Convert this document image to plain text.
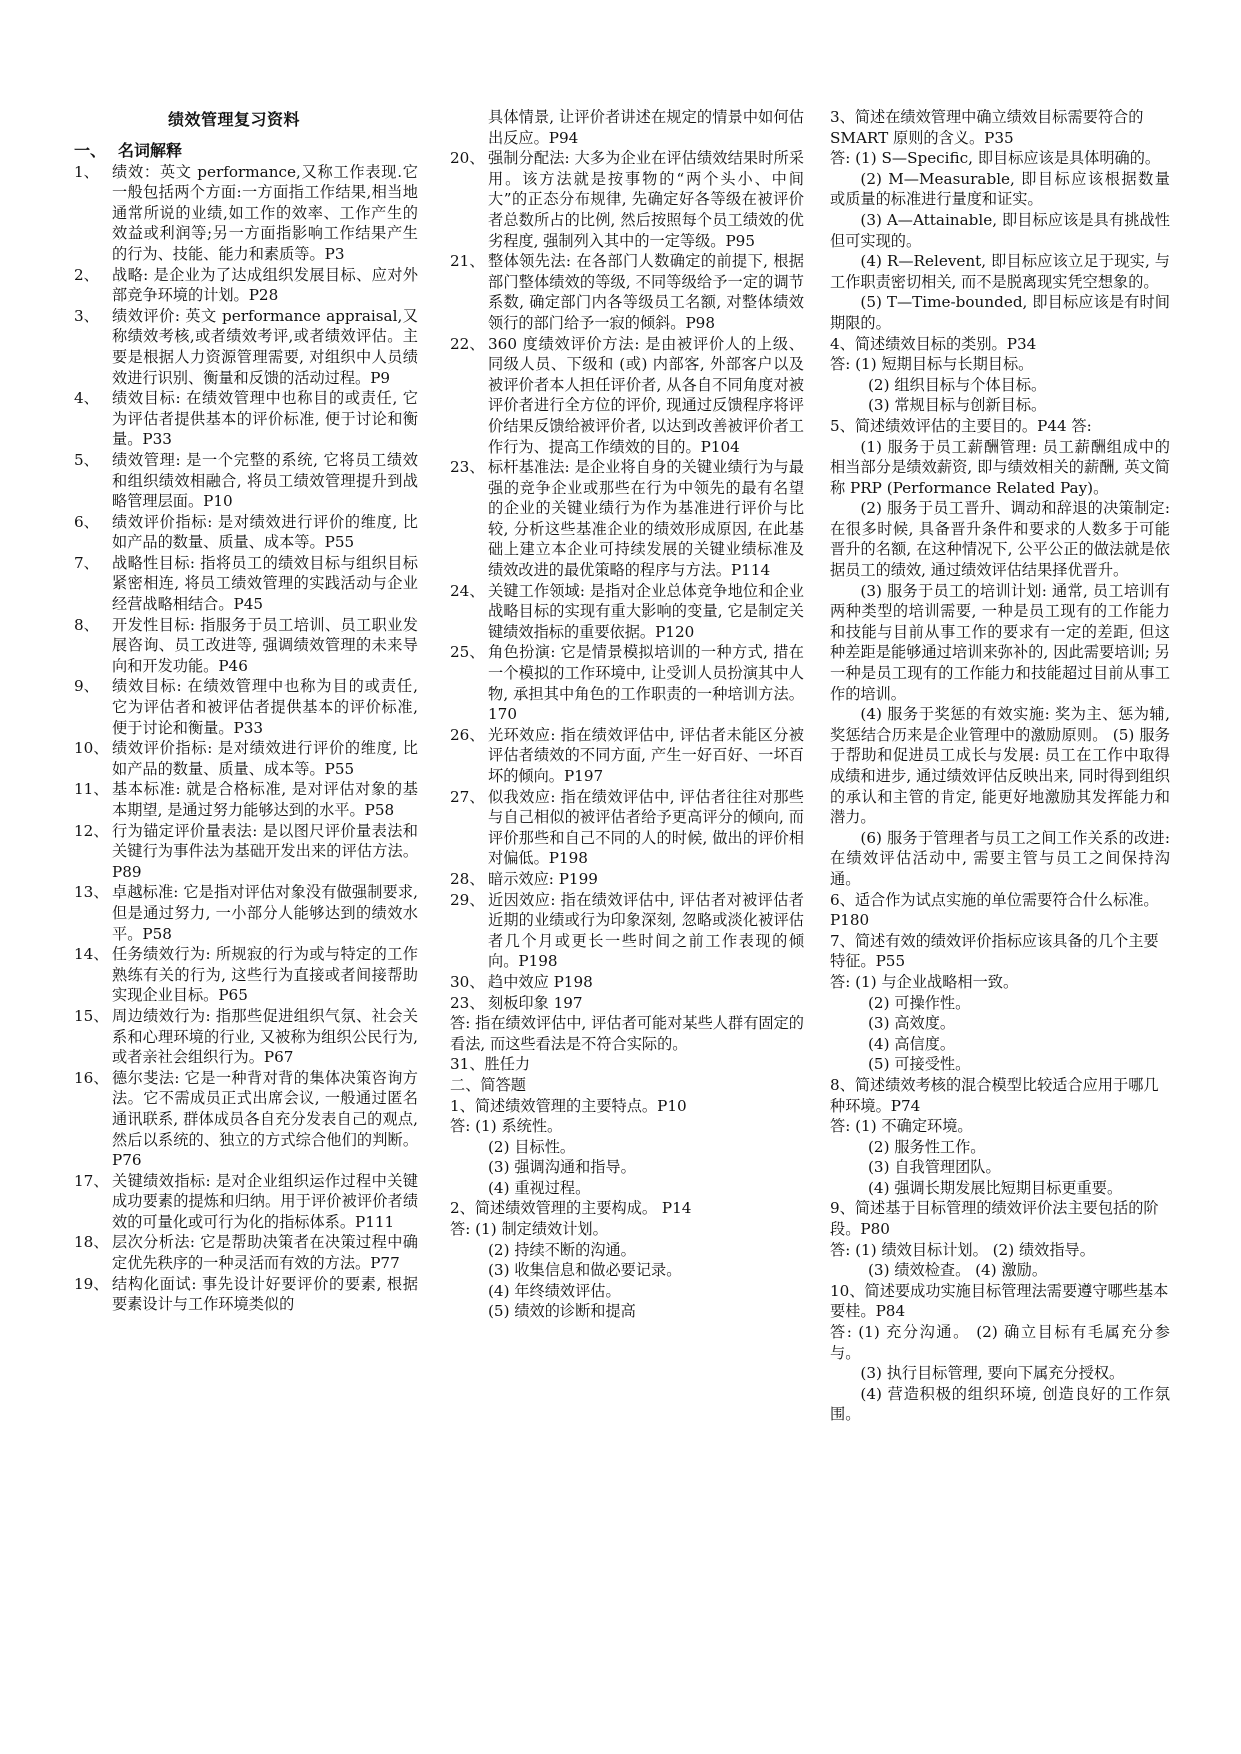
绩效管理复习资料
一、 名词解释
1、 绩效：英文 performance,又称工作表现.它一般包括两个方面:一方面指工作结果,相当地通常所说的业绩,如工作的效率、工作产生的效益或利润等;另一方面指影响工作结果产生的行为、技能、能力和素质等。P3
2、 战略: 是企业为了达成组织发展目标、应对外部竞争环境的计划。P28
3、 绩效评价: 英文 performance appraisal,又称绩效考核,或者绩效考评,或者绩效评估。主要是根据人力资源管理需要, 对组织中人员绩效进行识别、衡量和反馈的活动过程。P9
4、 绩效目标: 在绩效管理中也称目的或责任, 它为评估者提供基本的评价标准, 便于讨论和衡量。P33
5、 绩效管理: 是一个完整的系统, 它将员工绩效和组织绩效相融合, 将员工绩效管理提升到战略管理层面。P10
6、 绩效评价指标: 是对绩效进行评价的维度, 比如产品的数量、质量、成本等。P55
7、 战略性目标: 指将员工的绩效目标与组织目标紧密相连, 将员工绩效管理的实践活动与企业经营战略相结合。P45
8、 开发性目标: 指服务于员工培训、员工职业发展咨询、员工改进等, 强调绩效管理的未来导向和开发功能。P46
9、 绩效目标: 在绩效管理中也称为目的或责任, 它为评估者和被评估者提供基本的评价标准, 便于讨论和衡量。P33
10、 绩效评价指标: 是对绩效进行评价的维度, 比如产品的数量、质量、成本等。P55
11、 基本标准: 就是合格标准, 是对评估对象的基本期望, 是通过努力能够达到的水平。P58
12、 行为锚定评价量表法: 是以图尺评价量表法和关键行为事件法为基础开发出来的评估方法。P89
13、 卓越标准: 它是指对评估对象没有做强制要求, 但是通过努力, 一小部分人能够达到的绩效水平。P58
14、 任务绩效行为: 所规寂的行为或与特定的工作熟练有关的行为, 这些行为直接或者间接帮助实现企业目标。P65
15、 周边绩效行为: 指那些促进组织气氛、社会关系和心理环境的行业, 又被称为组织公民行为, 或者亲社会组织行为。P67
16、 德尔斐法: 它是一种背对背的集体决策咨询方法。它不需成员正式出席会议, 一般通过匿名通讯联系, 群体成员各自充分发表自己的观点, 然后以系统的、独立的方式综合他们的判断。P76
17、 关键绩效指标: 是对企业组织运作过程中关键成功要素的提炼和归纳。用于评价被评价者绩效的可量化或可行为化的指标体系。P111
18、 层次分析法: 它是帮助决策者在决策过程中确定优先秩序的一种灵活而有效的方法。P77
19、 结构化面试: 事先设计好要评价的要素, 根据要素设计与工作环境类似的
具体情景, 让评价者讲述在规定的情景中如何估出反应。P94
20、 强制分配法: 大多为企业在评估绩效结果时所采用。该方法就是按事物的“两个头小、中间大”的正态分布规律, 先确定好各等级在被评价者总数所占的比例, 然后按照每个员工绩效的优劣程度, 强制列入其中的一定等级。P95
21、 整体领先法: 在各部门人数确定的前提下, 根据部门整体绩效的等级, 不同等级给予一定的调节系数, 确定部门内各等级员工名额, 对整体绩效领行的部门给予一寂的倾斜。P98
22、 360 度绩效评价方法: 是由被评价人的上级、同级人员、下级和 (或) 内部客, 外部客户以及被评价者本人担任评价者, 从各自不同角度对被评价者进行全方位的评价, 现通过反馈程序将评价结果反馈给被评价者, 以达到改善被评价者工作行为、提高工作绩效的目的。P104
23、 标杆基准法: 是企业将自身的关键业绩行为与最强的竞争企业或那些在行为中领先的最有名望的企业的关键业绩行为作为基准进行评价与比较, 分析这些基准企业的绩效形成原因, 在此基础上建立本企业可持续发展的关键业绩标准及绩效改进的最优策略的程序与方法。P114
24、 关键工作领域: 是指对企业总体竞争地位和企业战略目标的实现有重大影响的变量, 它是制定关键绩效指标的重要依据。P120
25、 角色扮演: 它是情景模拟培训的一种方式, 措在一个模拟的工作环境中, 让受训人员扮演其中人物, 承担其中角色的工作职责的一种培训方法。170
26、 光环效应: 指在绩效评估中, 评估者未能区分被评估者绩效的不同方面, 产生一好百好、一坏百坏的倾向。P197
27、 似我效应: 指在绩效评估中, 评估者往往对那些与自己相似的被评估者给予更高评分的倾向, 而评价那些和自己不同的人的时候, 做出的评价相对偏低。P198
28、 暗示效应: P199
29、 近因效应: 指在绩效评估中, 评估者对被评估者近期的业绩或行为印象深刻, 忽略或淡化被评估者几个月或更长一些时间之前工作表现的倾向。P198
30、 趋中效应 P198
23、 刻板印象 197
答: 指在绩效评估中, 评估者可能对某些人群有固定的看法, 而这些看法是不符合实际的。
31、胜任力
二、简答题
1、简述绩效管理的主要特点。P10
答: (1) 系统性。
(2) 目标性。
(3) 强调沟通和指导。
(4) 重视过程。
2、简述绩效管理的主要构成。 P14
答: (1) 制定绩效计划。
(2) 持续不断的沟通。
(3) 收集信息和做必要记录。
(4) 年终绩效评估。
(5) 绩效的诊断和提高
3、简述在绩效管理中确立绩效目标需要符合的 SMART 原则的含义。P35
答: (1) S—Specific, 即目标应该是具体明确的。
(2) M—Measurable, 即目标应该根据数量或质量的标准进行量度和证实。
(3) A—Attainable, 即目标应该是具有挑战性但可实现的。
(4) R—Relevent, 即目标应该立足于现实, 与工作职责密切相关, 而不是脱离现实凭空想象的。
(5) T—Time-bounded, 即目标应该是有时间期限的。
4、简述绩效目标的类别。P34
答: (1) 短期目标与长期目标。
(2) 组织目标与个体目标。
(3) 常规目标与创新目标。
5、简述绩效评估的主要目的。P44 答:
(1) 服务于员工薪酬管理: 员工薪酬组成中的相当部分是绩效薪资, 即与绩效相关的薪酬, 英文简称 PRP (Performance Related Pay)。
(2) 服务于员工晋升、调动和辞退的决策制定: 在很多时候, 具备晋升条件和要求的人数多于可能晋升的名额, 在这种情况下, 公平公正的做法就是依据员工的绩效, 通过绩效评估结果择优晋升。
(3) 服务于员工的培训计划: 通常, 员工培训有两种类型的培训需要, 一种是员工现有的工作能力和技能与目前从事工作的要求有一定的差距, 但这种差距是能够通过培训来弥补的, 因此需要培训; 另一种是员工现有的工作能力和技能超过目前从事工作的培训。
(4) 服务于奖惩的有效实施: 奖为主、惩为辅, 奖惩结合历来是企业管理中的激励原则。 (5) 服务于帮助和促进员工成长与发展: 员工在工作中取得成绩和进步, 通过绩效评估反映出来, 同时得到组织的承认和主管的肯定, 能更好地激励其发挥能力和潜力。
(6) 服务于管理者与员工之间工作关系的改进: 在绩效评估活动中, 需要主管与员工之间保持沟通。
6、适合作为试点实施的单位需要符合什么标准。
P180
7、简述有效的绩效评价指标应该具备的几个主要特征。P55
答: (1) 与企业战略相一致。
(2) 可操作性。
(3) 高效度。
(4) 高信度。
(5) 可接受性。
8、简述绩效考核的混合模型比较适合应用于哪几种环境。P74
答: (1) 不确定环境。
(2) 服务性工作。
(3) 自我管理团队。
(4) 强调长期发展比短期目标更重要。
9、简述基于目标管理的绩效评价法主要包括的阶段。P80
答: (1) 绩效目标计划。 (2) 绩效指导。
(3) 绩效检查。 (4) 激励。
10、简述要成功实施目标管理法需要遵守哪些基本要桂。P84
答: (1) 充分沟通。 (2) 确立目标有毛属充分参与。
(3) 执行目标管理, 要向下属充分授权。
(4) 营造积极的组织环境, 创造良好的工作氛围。
